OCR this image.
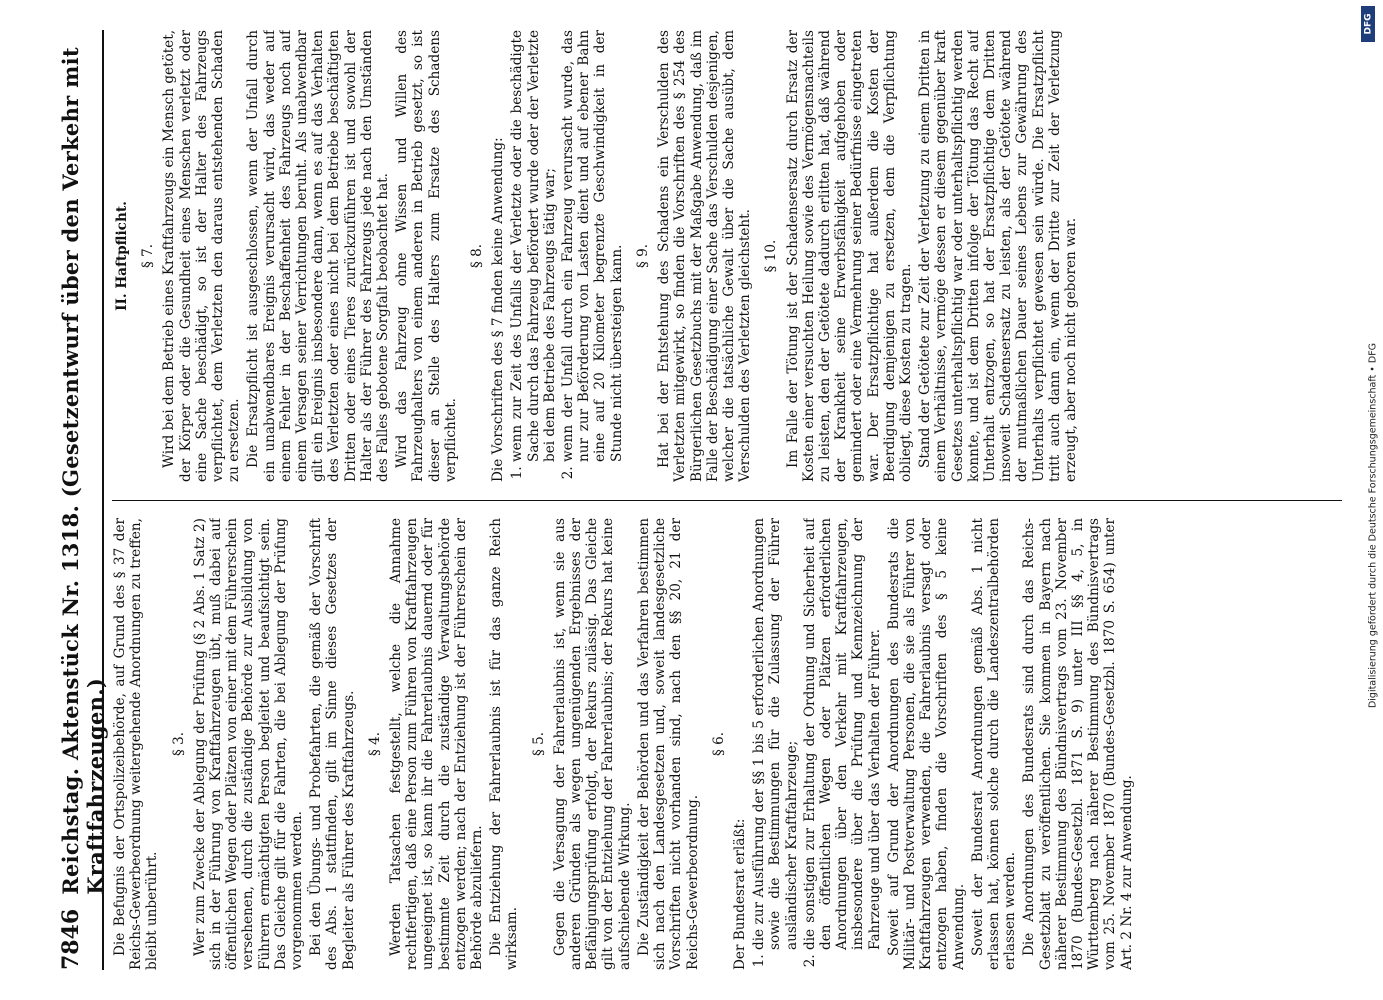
7846
Reichstag. Aktenstück Nr. 1318. (Gesetzentwurf über den Verkehr mit Kraftfahrzeugen.) Die Befugnis der Ortspolizeibehörde, auf Grund des § 37 der Reichs-Gewerbeordnung weitergehende Anordnungen zu treffen, bleibt unberührt.

§ 3. Wer zum Zwecke der Ablegung der Prüfung (§ 2 Abs. 1 Satz 2) sich in der Führung von Kraftfahrzeugen übt, muß dabei auf öffentlichen Wegen oder Plätzen von einer mit dem Führerschein versehenen, durch die zuständige Behörde zur Ausbildung von Führern ermächtigten Person begleitet und beaufsichtigt sein. Das Gleiche gilt für die Fahrten, die bei Ablegung der Prüfung vorgenommen werden. Bei den Übungs- und Probefahrten, die gemäß der Vorschrift des Abs. 1 stattfinden, gilt im Sinne dieses Gesetzes der Begleiter als Führer des Kraftfahrzeugs. § 4. Werden Tatsachen festgestellt, welche die Annahme rechtfertigen, daß eine Person zum Führen von Kraftfahrzeugen ungeeignet ist, so kann ihr die Fahrerlaubnis dauernd oder für bestimmte Zeit durch die zuständige Verwaltungsbehörde entzogen werden; nach der Entziehung ist der Führerschein der Behörde abzuliefern. Die Entziehung der Fahrerlaubnis ist für das ganze Reich wirksam.

§ 5. Gegen die Versagung der Fahrerlaubnis ist, wenn sie aus anderen Gründen als wegen ungenügenden Ergebnisses der Befähigungsprüfung erfolgt, der Rekurs zulässig. Das Gleiche gilt von der Entziehung der Fahrerlaubnis; der Rekurs hat keine aufschiebende Wirkung. Die Zuständigkeit der Behörden und das Verfahren bestimmen sich nach den Landesgesetzen und, soweit landesgesetzliche Vorschriften nicht vorhanden sind, nach den §§ 20, 21 der Reichs-Gewerbeordnung.

§ 6.

Der Bundesrat erläßt: 1. die zur Ausführung der §§ 1 bis 5 erforderlichen Anordnungen sowie die Bestimmungen für die Zulassung der Führer ausländischer Kraftfahrzeuge; 2. die sonstigen zur Erhaltung der Ordnung und Sicherheit auf den öffentlichen Wegen oder Plätzen erforderlichen Anordnungen über den Verkehr mit Kraftfahrzeugen, insbesondere über die Prüfung und Kennzeichnung der Fahrzeuge und über das Verhalten der Führer. Soweit auf Grund der Anordnungen des Bundesrats die Militär- und Postverwaltung Personen, die sie als Führer von Kraftfahrzeugen verwenden, die Fahrerlaubnis versagt oder entzogen haben, finden die Vorschriften des § 5 keine Anwendung. Soweit der Bundesrat Anordnungen gemäß Abs. 1 nicht erlassen hat, können solche durch die Landeszentralbehörden erlassen werden. Die Anordnungen des Bundesrats sind durch das Reichs-Gesetzblatt zu veröffentlichen. Sie kommen in Bayern nach näherer Bestimmung des Bündnisvertrags vom 23. November 1870 (Bundes-Gesetzbl. 1871 S. 9) unter III §§ 4, 5, in Württemberg nach näherer Bestimmung des Bündnisvertrags vom 25. November 1870 (Bundes-Gesetzbl. 1870 S. 654) unter Art. 2 Nr. 4 zur Anwendung.

II. Haftpflicht. § 7. Wird bei dem Betrieb eines Kraftfahrzeugs ein Mensch getötet, der Körper oder die Gesundheit eines Menschen verletzt oder eine Sache beschädigt, so ist der Halter des Fahrzeugs verpflichtet, dem Verletzten den daraus entstehenden Schaden zu ersetzen. Die Ersatzpflicht ist ausgeschlossen, wenn der Unfall durch ein unabwendbares Ereignis verursacht wird, das weder auf einem Fehler in der Beschaffenheit des Fahrzeugs noch auf einem Versagen seiner Verrichtungen beruht. Als unabwendbar gilt ein Ereignis insbesondere dann, wenn es auf das Verhalten des Verletzten oder eines nicht bei dem Betriebe beschäftigten Dritten oder eines Tieres zurückzuführen ist und sowohl der Halter als der Führer des Fahrzeugs jede nach den Umständen des Falles gebotene Sorgfalt beobachtet hat. Wird das Fahrzeug ohne Wissen und Willen des Fahrzeughalters von einem anderen in Betrieb gesetzt, so ist dieser an Stelle des Halters zum Ersatze des Schadens verpflichtet.

§ 8. Die Vorschriften des § 7 finden keine Anwendung: 1. wenn zur Zeit des Unfalls der Verletzte oder die beschädigte Sache durch das Fahrzeug befördert wurde oder der Verletzte bei dem Betriebe des Fahrzeugs tätig war; 2. wenn der Unfall durch ein Fahrzeug verursacht wurde, das nur zur Beförderung von Lasten dient und auf ebener Bahn eine auf 20 Kilometer begrenzte Geschwindigkeit in der Stunde nicht übersteigen kann. § 9. Hat bei der Entstehung des Schadens ein Verschulden des Verletzten mitgewirkt, so finden die Vorschriften des § 254 des Bürgerlichen Gesetzbuchs mit der Maßgabe Anwendung, daß im Falle der Beschädigung einer Sache das Verschulden desjenigen, welcher die tatsächliche Gewalt über die Sache ausübt, dem Verschulden des Verletzten gleichsteht. § 10. Im Falle der Tötung ist der Schadensersatz durch Ersatz der Kosten einer versuchten Heilung sowie des Vermögensnachteils zu leisten, den der Getötete dadurch erlitten hat, daß während der Krankheit seine Erwerbsfähigkeit aufgehoben oder gemindert oder eine Vermehrung seiner Bedürfnisse eingetreten war. Der Ersatzpflichtige hat außerdem die Kosten der Beerdigung demjenigen zu ersetzen, dem die Verpflichtung obliegt, diese Kosten zu tragen. Stand der Getötete zur Zeit der Verletzung zu einem Dritten in einem Verhältnisse, vermöge dessen er diesem gegenüber kraft Gesetzes unterhaltspflichtig war oder unterhaltspflichtig werden konnte, und ist dem Dritten infolge der Tötung das Recht auf Unterhalt entzogen, so hat der Ersatzpflichtige dem Dritten insoweit Schadensersatz zu leisten, als der Getötete während der mutmaßlichen Dauer seines Lebens zur Gewährung des Unterhalts verpflichtet gewesen sein würde. Die Ersatzpflicht tritt auch dann ein, wenn der Dritte zur Zeit der Verletzung erzeugt, aber noch nicht geboren war.

DFG
Digitalisierung gefördert durch die Deutsche Forschungsgemeinschaft • DFG
